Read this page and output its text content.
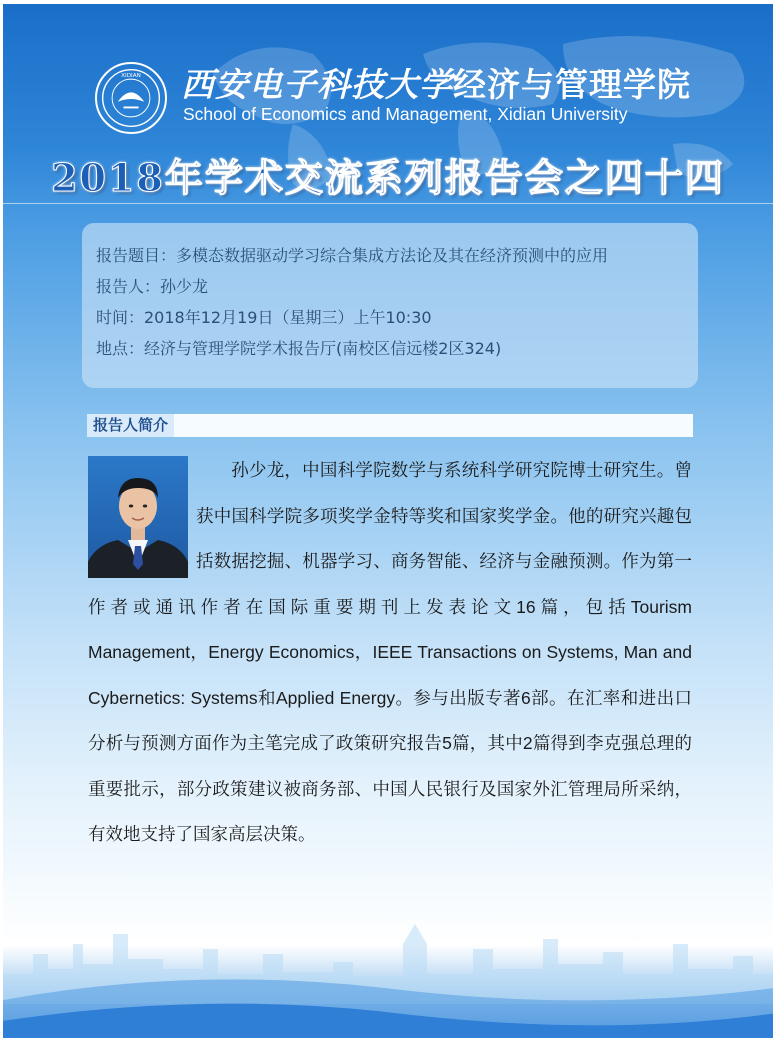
XIDIAN 西安电子科技大学经济与管理学院
School of Economics and Management, Xidian University
2018年学术交流系列报告会之四十四
报告题目：多模态数据驱动学习综合集成方法论及其在经济预测中的应用
报告人：孙少龙
时间：2018年12月19日（星期三）上午10:30
地点：经济与管理学院学术报告厅(南校区信远楼2区324)
报告人简介
孙少龙，中国科学院数学与系统科学研究院博士研究生。曾获中国科学院多项奖学金特等奖和国家奖学金。他的研究兴趣包括数据挖掘、机器学习、商务智能、经济与金融预测。作为第一作者或通讯作者在国际重要期刊上发表论文16篇，包括Tourism Management，Energy Economics，IEEE Transactions on Systems, Man and Cybernetics: Systems和Applied Energy。参与出版专著6部。在汇率和进出口分析与预测方面作为主笔完成了政策研究报告5篇，其中2篇得到李克强总理的重要批示，部分政策建议被商务部、中国人民银行及国家外汇管理局所采纳，有效地支持了国家高层决策。
